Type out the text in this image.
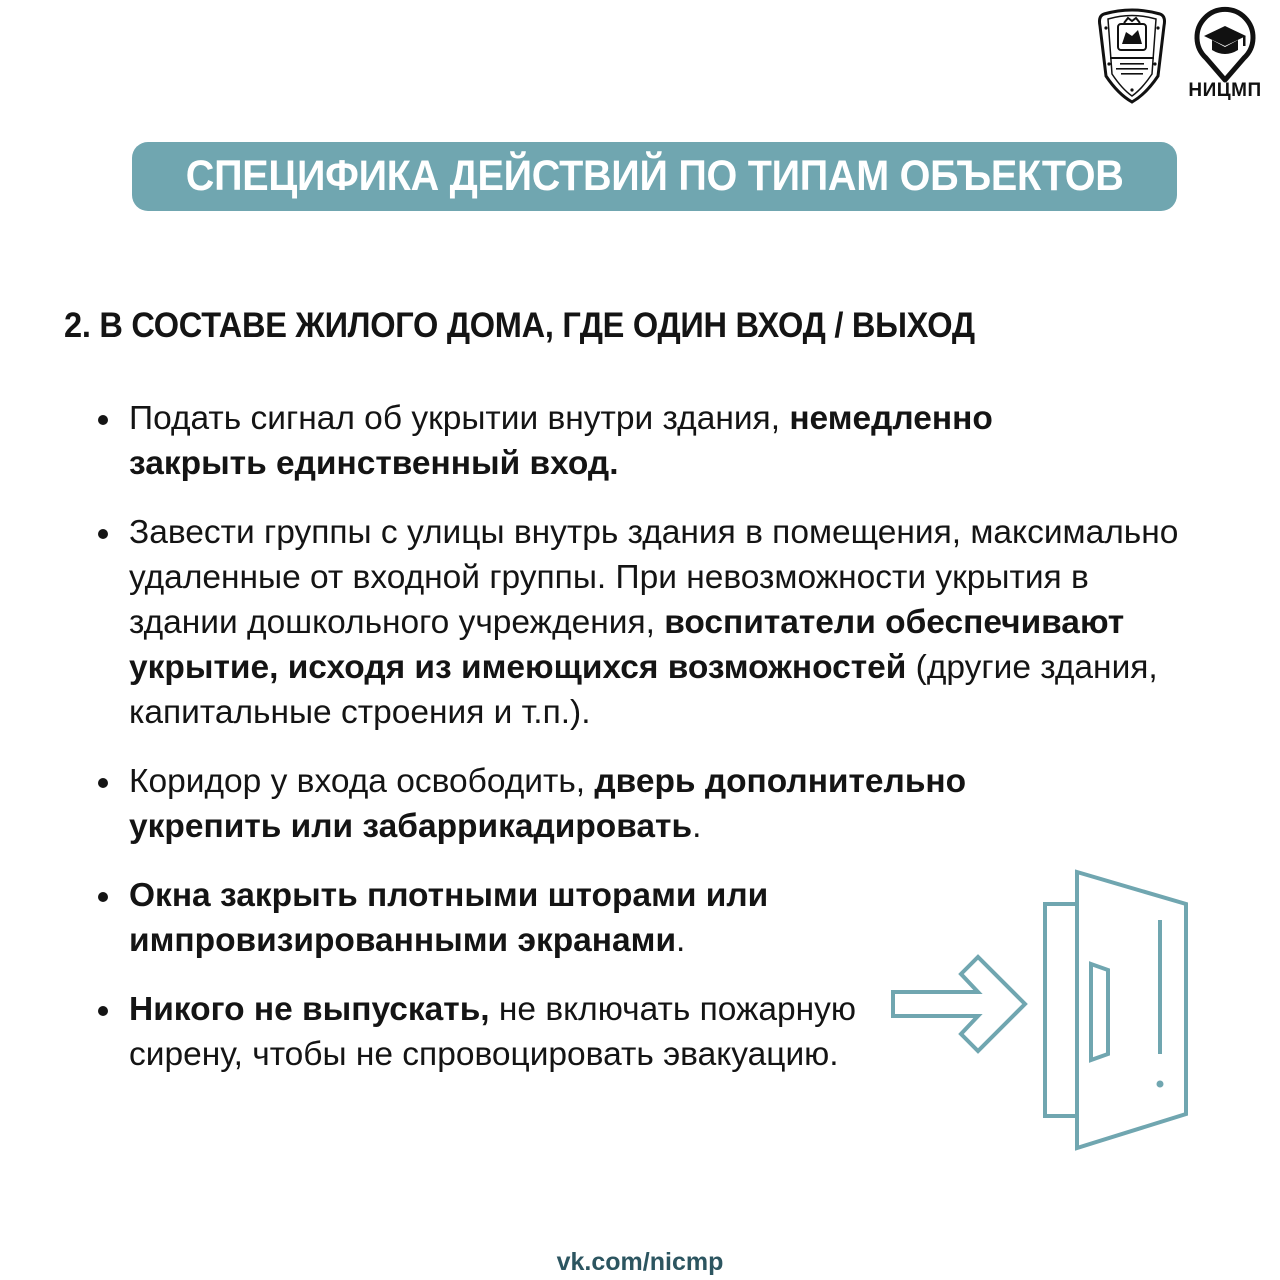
НИЦМП
СПЕЦИФИКА ДЕЙСТВИЙ ПО ТИПАМ ОБЪЕКТОВ
2. В СОСТАВЕ ЖИЛОГО ДОМА, ГДЕ ОДИН ВХОД / ВЫХОД
Подать сигнал об укрытии внутри здания, немедленно закрыть единственный вход.
Завести группы с улицы внутрь здания в помещения, максимально удаленные от входной группы. При невозможности укрытия в здании дошкольного учреждения, воспитатели обеспечивают укрытие, исходя из имеющихся возможностей (другие здания, капитальные строения и т.п.).
Коридор у входа освободить, дверь дополнительно укрепить или забаррикадировать.
Окна закрыть плотными шторами или импровизированными экранами.
Никого не выпускать, не включать пожарную сирену, чтобы не спровоцировать эвакуацию.
vk.com/nicmp
